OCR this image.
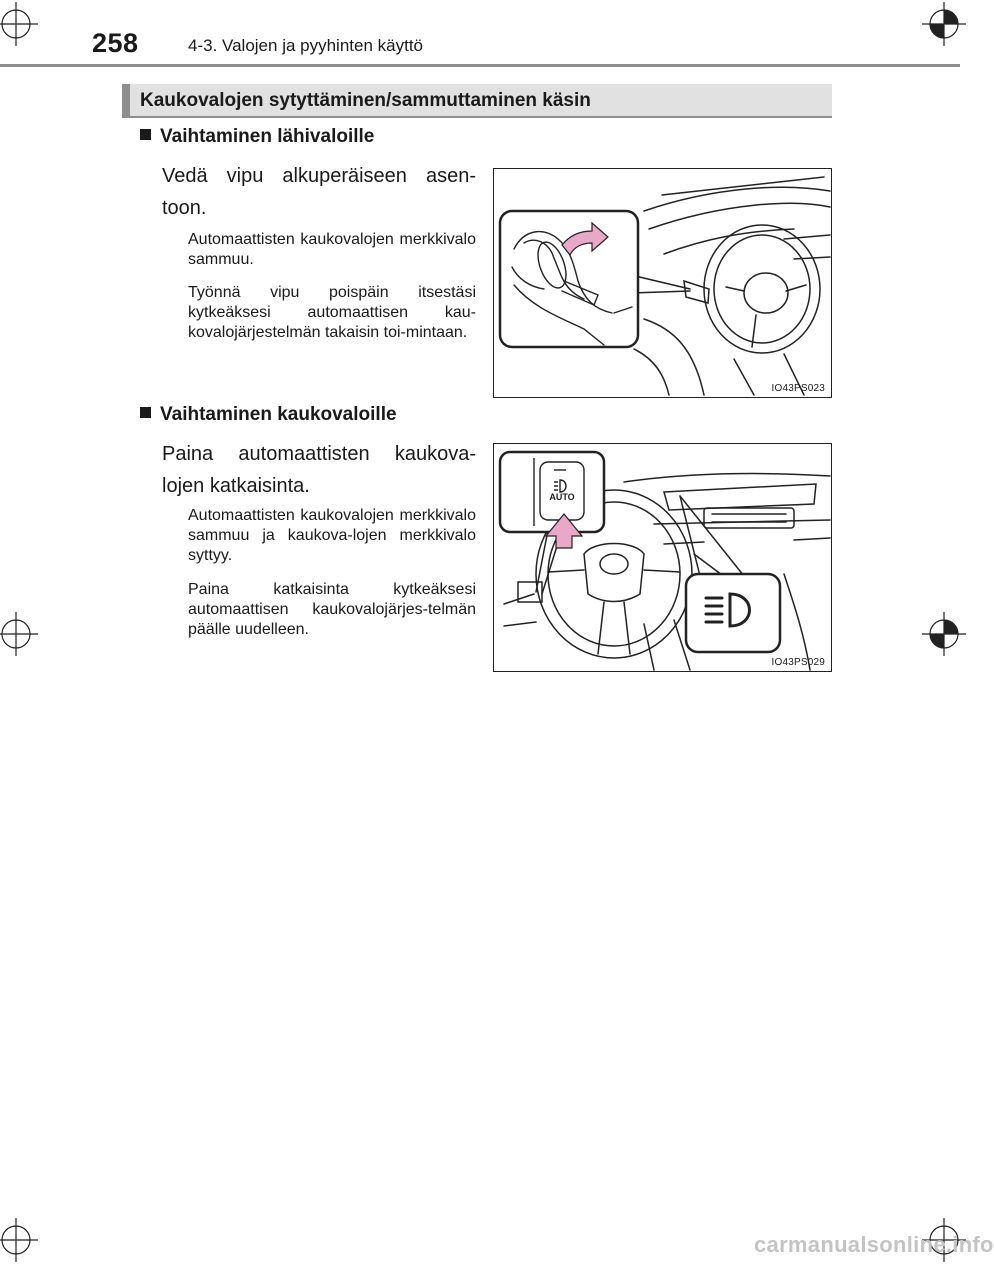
258	4-3. Valojen ja pyyhinten käyttö
Kaukovalojen sytyttäminen/sammuttaminen käsin
Vaihtaminen lähivaloille
Vedä vipu alkuperäiseen asen-toon.
Automaattisten kaukovalojen merkkivalo sammuu.
Työnnä vipu poispäin itsestäsi kytkeäksesi automaattisen kau-kovalojärjestelmän takaisin toi-mintaan.
IO43PS023
Vaihtaminen kaukovaloille
Paina automaattisten kaukova-lojen katkaisinta.
Automaattisten kaukovalojen merkkivalo sammuu ja kaukova-lojen merkkivalo syttyy.
Paina katkaisinta kytkeäksesi automaattisen kaukovalojärjes-telmän päälle uudelleen.
AUTO
IO43PS029
carmanualsonline.info
